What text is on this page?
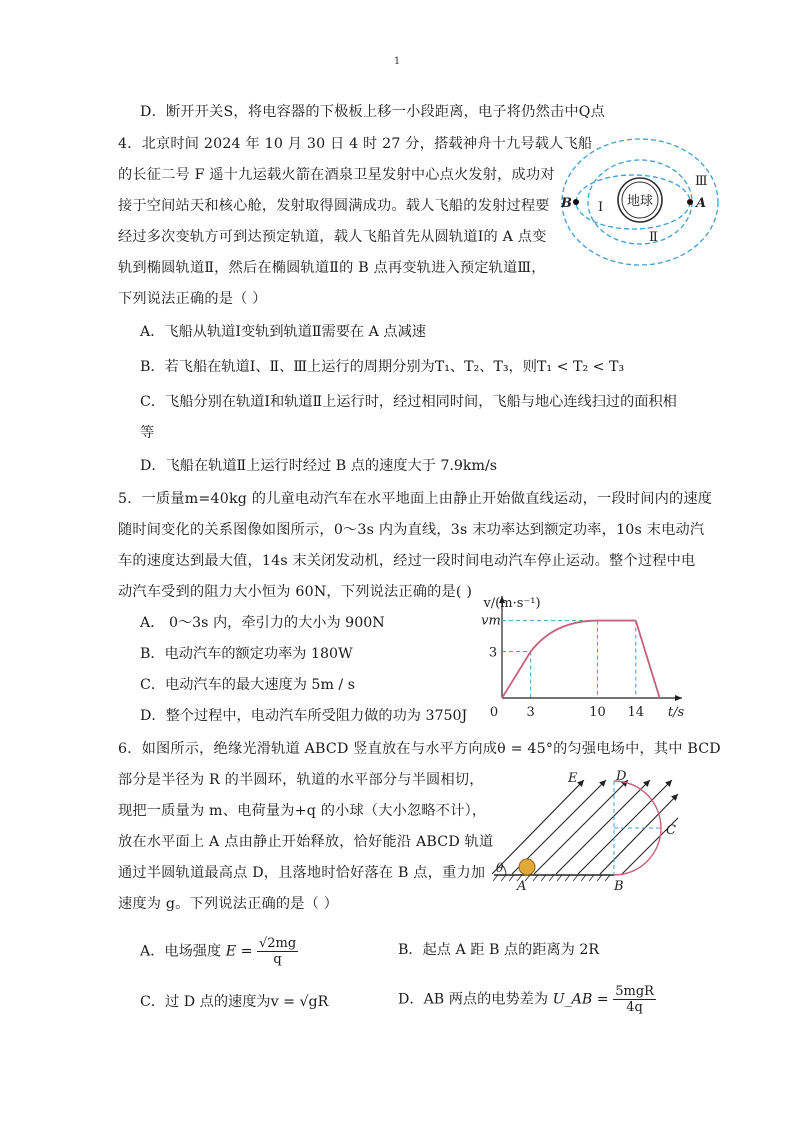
1
D．断开开关S，将电容器的下极板上移一小段距离，电子将仍然击中Q点
4．北京时间 2024 年 10 月 30 日 4 时 27 分，搭载神舟十九号载人飞船
的长征二号 F 遥十九运载火箭在酒泉卫星发射中心点火发射，成功对
接于空间站天和核心舱，发射取得圆满成功。载人飞船的发射过程要
经过多次变轨方可到达预定轨道，载人飞船首先从圆轨道Ⅰ的 A 点变
轨到椭圆轨道Ⅱ，然后在椭圆轨道Ⅱ的 B 点再变轨进入预定轨道Ⅲ，
下列说法正确的是（ ）
A．飞船从轨道Ⅰ变轨到轨道Ⅱ需要在 A 点减速
B．若飞船在轨道Ⅰ、Ⅱ、Ⅲ上运行的周期分别为T₁、T₂、T₃，则T₁ < T₂ < T₃
C．飞船分别在轨道Ⅰ和轨道Ⅱ上运行时，经过相同时间，飞船与地心连线扫过的面积相
等
D．飞船在轨道Ⅱ上运行时经过 B 点的速度大于 7.9km/s
地球
B	A
Ⅰ
Ⅱ
Ⅲ
5．一质量m=40kg 的儿童电动汽车在水平地面上由静止开始做直线运动，一段时间内的速度
随时间变化的关系图像如图所示，0～3s 内为直线，3s 末功率达到额定功率，10s 末电动汽
车的速度达到最大值，14s 末关闭发动机，经过一段时间电动汽车停止运动。整个过程中电
动汽车受到的阻力大小恒为 60N，下列说法正确的是( )
A． 0～3s 内，牵引力的大小为 900N
B．电动汽车的额定功率为 180W
C．电动汽车的最大速度为 5m / s
D．整个过程中，电动汽车所受阻力做的功为 3750J 0 3	10 14
3
vm
t/s
v/(m·s⁻¹)
6．如图所示，绝缘光滑轨道 ABCD 竖直放在与水平方向成θ = 45°的匀强电场中，其中 BCD
部分是半径为 R 的半圆环，轨道的水平部分与半圆相切，
现把一质量为 m、电荷量为+q 的小球（大小忽略不计），
放在水平面上 A 点由静止开始释放，恰好能沿 ABCD 轨道
通过半圆轨道最高点 D，且落地时恰好落在 B 点，重力加
速度为 g。下列说法正确的是（ ）
A．电场强度 $E = \frac{√2mg}{q}$	B．起点 A 距 B 点的距离为 2R
C．过 D 点的速度为v = √gR	D．AB 两点的电势差为 U_AB = $\frac{\text{5mgR}}{4q}$
θ
E	D
C
A	B
